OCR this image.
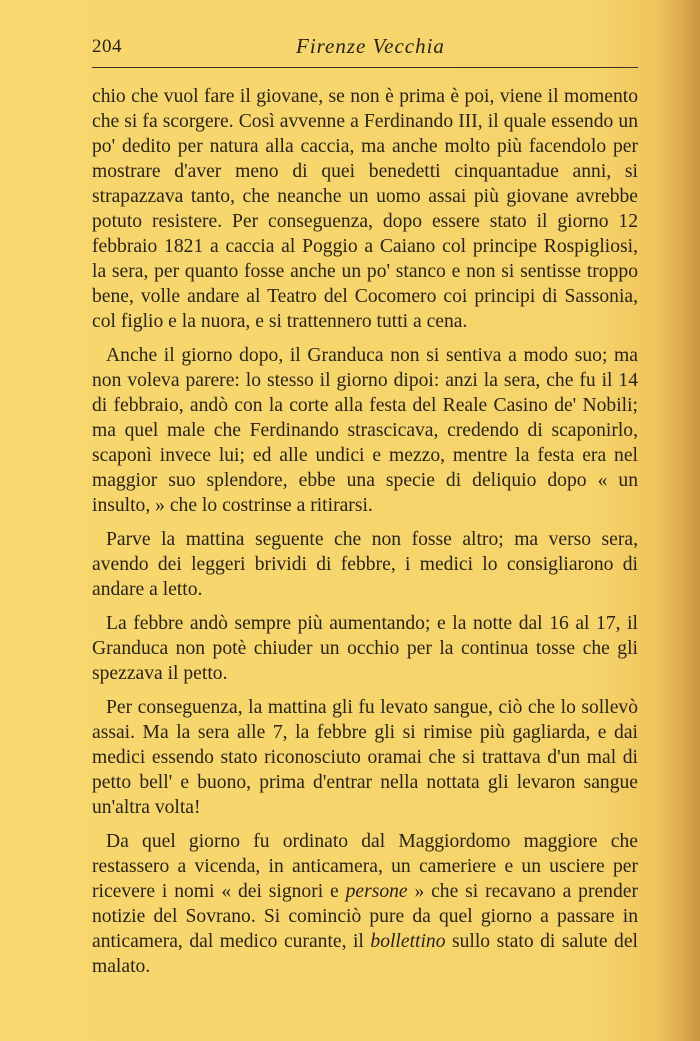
204	Firenze Vecchia

chio che vuol fare il giovane, se non è prima è poi, viene il momento che si fa scorgere. Così avvenne a Ferdinando III, il quale essendo un po' dedito per natura alla caccia, ma anche molto più facendolo per mostrare d'aver meno di quei benedetti cinquantadue anni, si strapazzava tanto, che neanche un uomo assai più giovane avrebbe potuto resistere. Per conseguenza, dopo essere stato il giorno 12 febbraio 1821 a caccia al Poggio a Caiano col principe Rospigliosi, la sera, per quanto fosse anche un po' stanco e non si sentisse troppo bene, volle andare al Teatro del Cocomero coi principi di Sassonia, col figlio e la nuora, e si trattennero tutti a cena.

Anche il giorno dopo, il Granduca non si sentiva a modo suo; ma non voleva parere: lo stesso il giorno dipoi: anzi la sera, che fu il 14 di febbraio, andò con la corte alla festa del Reale Casino de' Nobili; ma quel male che Ferdinando strascicava, credendo di scaponirlo, scaponì invece lui; ed alle undici e mezzo, mentre la festa era nel maggior suo splendore, ebbe una specie di deliquio dopo « un insulto, » che lo costrinse a ritirarsi.

Parve la mattina seguente che non fosse altro; ma verso sera, avendo dei leggeri brividi di febbre, i medici lo consigliarono di andare a letto.

La febbre andò sempre più aumentando; e la notte dal 16 al 17, il Granduca non potè chiuder un occhio per la continua tosse che gli spezzava il petto.

Per conseguenza, la mattina gli fu levato sangue, ciò che lo sollevò assai. Ma la sera alle 7, la febbre gli si rimise più gagliarda, e dai medici essendo stato riconosciuto oramai che si trattava d'un mal di petto bell' e buono, prima d'entrar nella nottata gli levaron sangue un'altra volta!

Da quel giorno fu ordinato dal Maggiordomo maggiore che restassero a vicenda, in anticamera, un cameriere e un usciere per ricevere i nomi « dei signori e persone » che si recavano a prender notizie del Sovrano. Si cominciò pure da quel giorno a passare in anticamera, dal medico curante, il bollettino sullo stato di salute del malato.
